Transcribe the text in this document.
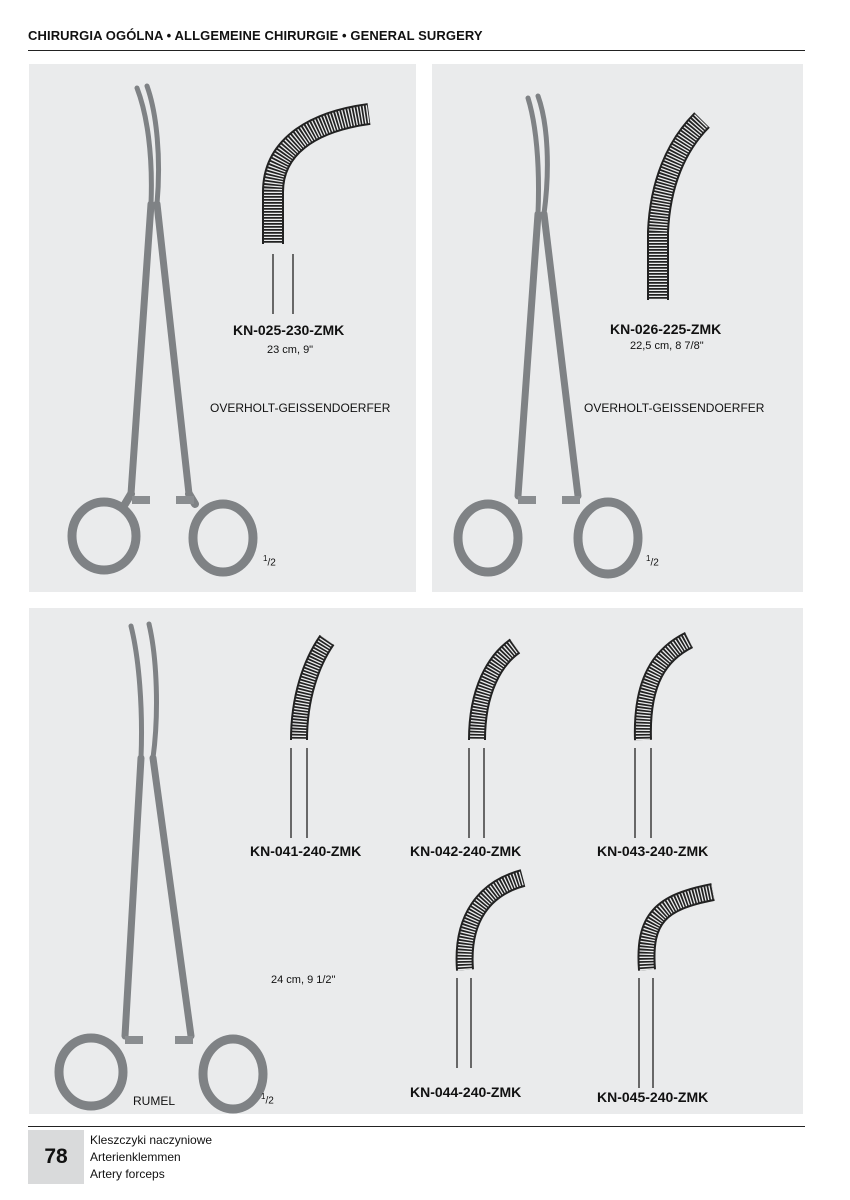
CHIRURGIA OGÓLNA • ALLGEMEINE CHIRURGIE • GENERAL SURGERY
KN-025-230-ZMK
23 cm, 9"
OVERHOLT-GEISSENDOERFER
$^1$/2
KN-026-225-ZMK
22,5 cm, 8 7/8"
OVERHOLT-GEISSENDOERFER
$^1$/2
KN-041-240-ZMK	KN-042-240-ZMK	KN-043-240-ZMK
24 cm, 9 1/2"
KN-044-240-ZMK	KN-045-240-ZMK
RUMEL	$^1$/2
78
Kleszczyki naczyniowe
Arterienklemmen
Artery forceps
